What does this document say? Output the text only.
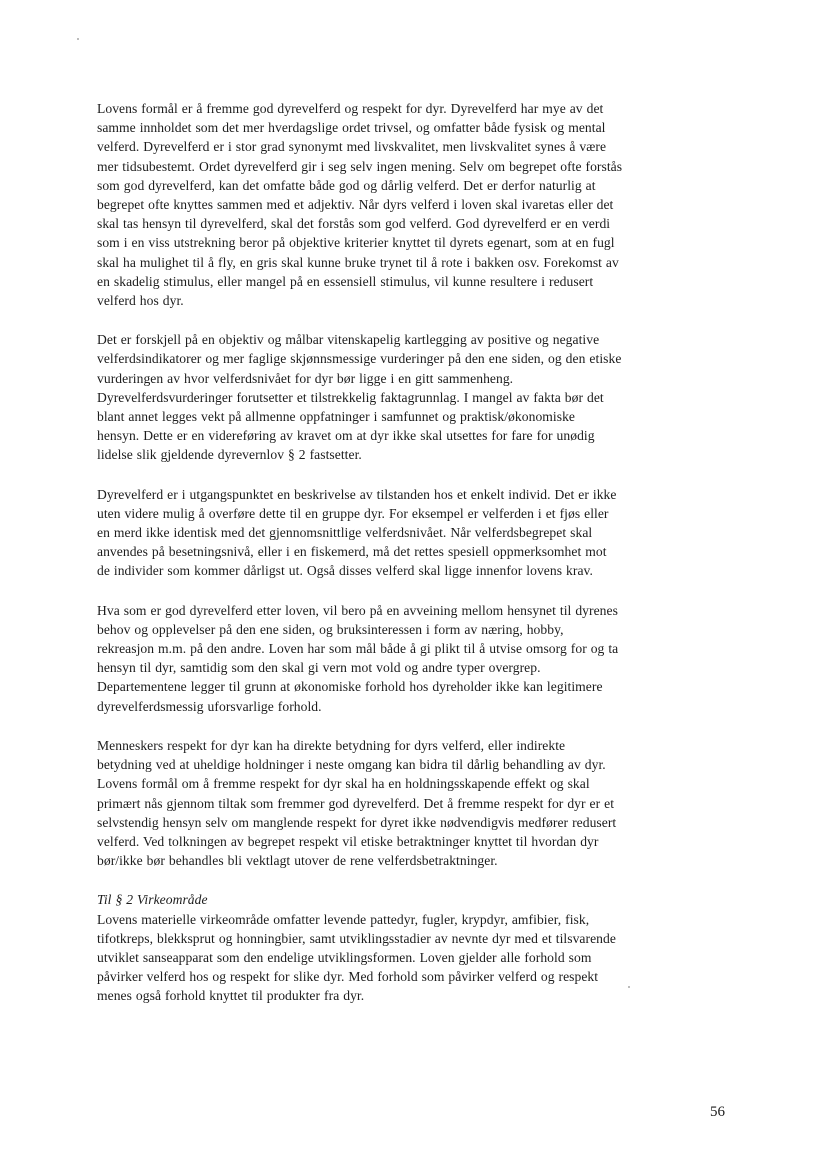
Lovens formål er å fremme god dyrevelferd og respekt for dyr. Dyrevelferd har mye av det
samme innholdet som det mer hverdagslige ordet trivsel, og omfatter både fysisk og mental
velferd. Dyrevelferd er i stor grad synonymt med livskvalitet, men livskvalitet synes å være
mer tidsubestemt. Ordet dyrevelferd gir i seg selv ingen mening. Selv om begrepet ofte forstås
som god dyrevelferd, kan det omfatte både god og dårlig velferd. Det er derfor naturlig at
begrepet ofte knyttes sammen med et adjektiv. Når dyrs velferd i loven skal ivaretas eller det
skal tas hensyn til dyrevelferd, skal det forstås som god velferd. God dyrevelferd er en verdi
som i en viss utstrekning beror på objektive kriterier knyttet til dyrets egenart, som at en fugl
skal ha mulighet til å fly, en gris skal kunne bruke trynet til å rote i bakken osv. Forekomst av
en skadelig stimulus, eller mangel på en essensiell stimulus, vil kunne resultere i redusert
velferd hos dyr.

Det er forskjell på en objektiv og målbar vitenskapelig kartlegging av positive og negative
velferdsindikatorer og mer faglige skjønnsmessige vurderinger på den ene siden, og den etiske
vurderingen av hvor velferdsnivået for dyr bør ligge i en gitt sammenheng.
Dyrevelferdsvurderinger forutsetter et tilstrekkelig faktagrunnlag. I mangel av fakta bør det
blant annet legges vekt på allmenne oppfatninger i samfunnet og praktisk/økonomiske
hensyn. Dette er en videreføring av kravet om at dyr ikke skal utsettes for fare for unødig
lidelse slik gjeldende dyrevernlov § 2 fastsetter.

Dyrevelferd er i utgangspunktet en beskrivelse av tilstanden hos et enkelt individ. Det er ikke
uten videre mulig å overføre dette til en gruppe dyr. For eksempel er velferden i et fjøs eller
en merd ikke identisk med det gjennomsnittlige velferdsnivået. Når velferdsbegrepet skal
anvendes på besetningsnivå, eller i en fiskemerd, må det rettes spesiell oppmerksomhet mot
de individer som kommer dårligst ut. Også disses velferd skal ligge innenfor lovens krav.

Hva som er god dyrevelferd etter loven, vil bero på en avveining mellom hensynet til dyrenes
behov og opplevelser på den ene siden, og bruksinteressen i form av næring, hobby,
rekreasjon m.m. på den andre. Loven har som mål både å gi plikt til å utvise omsorg for og ta
hensyn til dyr, samtidig som den skal gi vern mot vold og andre typer overgrep.
Departementene legger til grunn at økonomiske forhold hos dyreholder ikke kan legitimere
dyrevelferdsmessig uforsvarlige forhold.

Menneskers respekt for dyr kan ha direkte betydning for dyrs velferd, eller indirekte
betydning ved at uheldige holdninger i neste omgang kan bidra til dårlig behandling av dyr.
Lovens formål om å fremme respekt for dyr skal ha en holdningsskapende effekt og skal
primært nås gjennom tiltak som fremmer god dyrevelferd. Det å fremme respekt for dyr er et
selvstendig hensyn selv om manglende respekt for dyret ikke nødvendigvis medfører redusert
velferd. Ved tolkningen av begrepet respekt vil etiske betraktninger knyttet til hvordan dyr
bør/ikke bør behandles bli vektlagt utover de rene velferdsbetraktninger.

Til § 2 Virkeområde
Lovens materielle virkeområde omfatter levende pattedyr, fugler, krypdyr, amfibier, fisk,
tifotkreps, blekksprut og honningbier, samt utviklingsstadier av nevnte dyr med et tilsvarende
utviklet sanseapparat som den endelige utviklingsformen. Loven gjelder alle forhold som
påvirker velferd hos og respekt for slike dyr. Med forhold som påvirker velferd og respekt
menes også forhold knyttet til produkter fra dyr.

56
